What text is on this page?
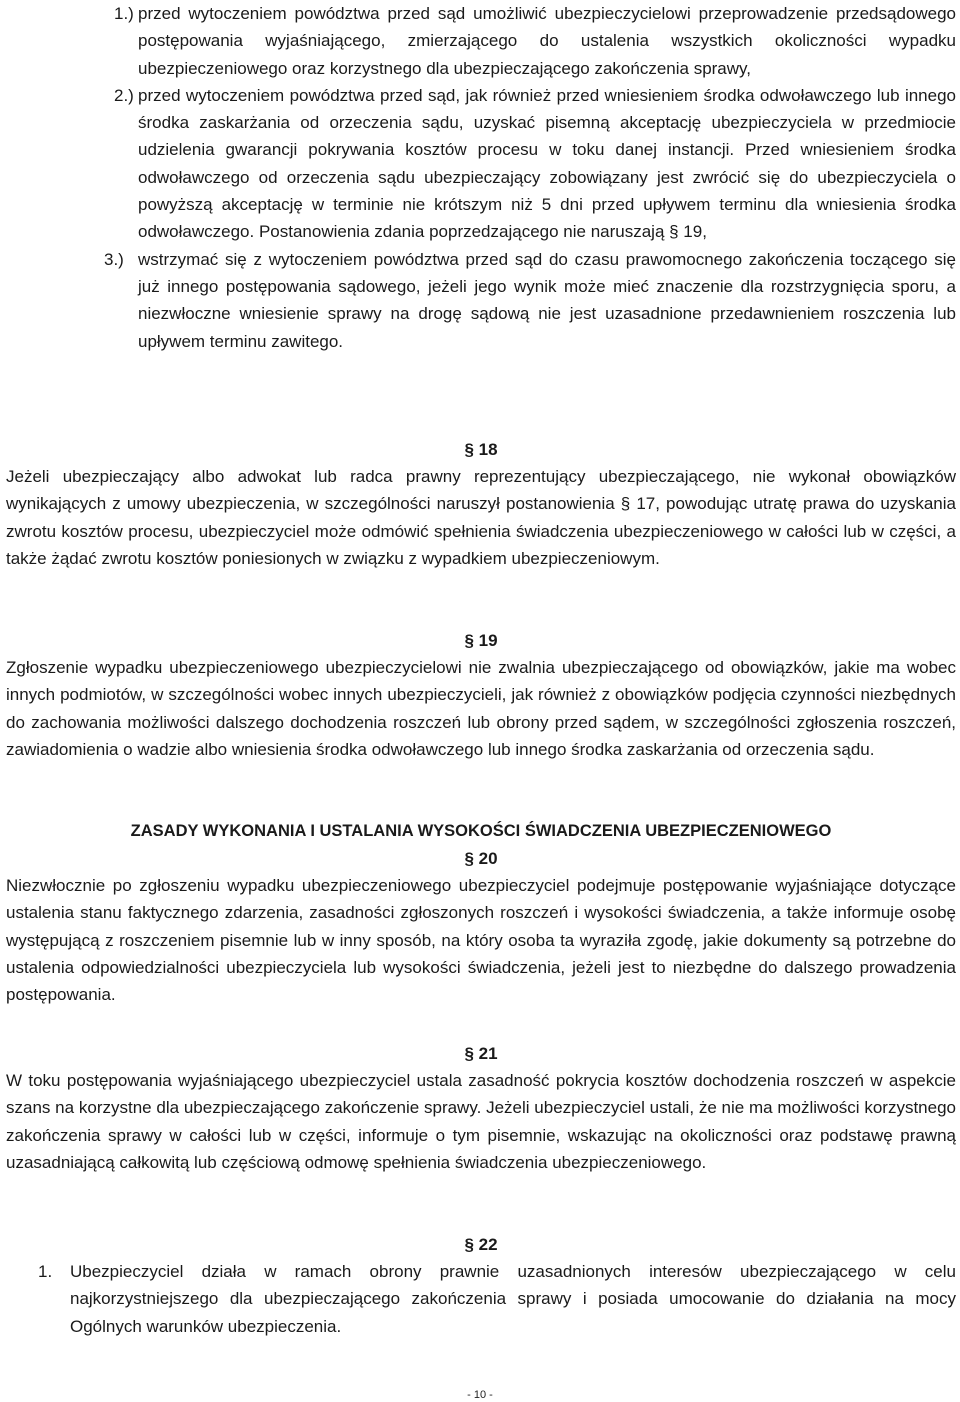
1.) przed wytoczeniem powództwa przed sąd umożliwić ubezpieczycielowi przeprowadzenie przedsądowego postępowania wyjaśniającego, zmierzającego do ustalenia wszystkich okoliczności wypadku ubezpieczeniowego oraz korzystnego dla ubezpieczającego zakończenia sprawy,
2.) przed wytoczeniem powództwa przed sąd, jak również przed wniesieniem środka odwoławczego lub innego środka zaskarżania od orzeczenia sądu, uzyskać pisemną akceptację ubezpieczyciela w przedmiocie udzielenia gwarancji pokrywania kosztów procesu w toku danej instancji. Przed wniesieniem środka odwoławczego od orzeczenia sądu ubezpieczający zobowiązany jest zwrócić się do ubezpieczyciela o powyższą akceptację w terminie nie krótszym niż 5 dni przed upływem terminu dla wniesienia środka odwoławczego. Postanowienia zdania poprzedzającego nie naruszają § 19,
3.) wstrzymać się z wytoczeniem powództwa przed sąd do czasu prawomocnego zakończenia toczącego się już innego postępowania sądowego, jeżeli jego wynik może mieć znaczenie dla rozstrzygnięcia sporu, a niezwłoczne wniesienie sprawy na drogę sądową nie jest uzasadnione przedawnieniem roszczenia lub upływem terminu zawitego.
§ 18
Jeżeli ubezpieczający albo adwokat lub radca prawny reprezentujący ubezpieczającego, nie wykonał obowiązków wynikających z umowy ubezpieczenia, w szczególności naruszył postanowienia § 17, powodując utratę prawa do uzyskania zwrotu kosztów procesu, ubezpieczyciel może odmówić spełnienia świadczenia ubezpieczeniowego w całości lub w części, a także żądać zwrotu kosztów poniesionych w związku z wypadkiem ubezpieczeniowym.
§ 19
Zgłoszenie wypadku ubezpieczeniowego ubezpieczycielowi nie zwalnia ubezpieczającego od obowiązków, jakie ma wobec innych podmiotów, w szczególności wobec innych ubezpieczycieli, jak również z obowiązków podjęcia czynności niezbędnych do zachowania możliwości dalszego dochodzenia roszczeń lub obrony przed sądem, w szczególności zgłoszenia roszczeń, zawiadomienia o wadzie albo wniesienia środka odwoławczego lub innego środka zaskarżania od orzeczenia sądu.
ZASADY WYKONANIA I USTALANIA WYSOKOŚCI ŚWIADCZENIA UBEZPIECZENIOWEGO
§ 20
Niezwłocznie po zgłoszeniu wypadku ubezpieczeniowego ubezpieczyciel podejmuje postępowanie wyjaśniające dotyczące ustalenia stanu faktycznego zdarzenia, zasadności zgłoszonych roszczeń i wysokości świadczenia, a także informuje osobę występującą z roszczeniem pisemnie lub w inny sposób, na który osoba ta wyraziła zgodę, jakie dokumenty są potrzebne do ustalenia odpowiedzialności ubezpieczyciela lub wysokości świadczenia, jeżeli jest to niezbędne do dalszego prowadzenia postępowania.
§ 21
W toku postępowania wyjaśniającego ubezpieczyciel ustala zasadność pokrycia kosztów dochodzenia roszczeń w aspekcie szans na korzystne dla ubezpieczającego zakończenie sprawy. Jeżeli ubezpieczyciel ustali, że nie ma możliwości korzystnego zakończenia sprawy w całości lub w części, informuje o tym pisemnie, wskazując na okoliczności oraz podstawę prawną uzasadniającą całkowitą lub częściową odmowę spełnienia świadczenia ubezpieczeniowego.
§ 22
1. Ubezpieczyciel działa w ramach obrony prawnie uzasadnionych interesów ubezpieczającego w celu najkorzystniejszego dla ubezpieczającego zakończenia sprawy i posiada umocowanie do działania na mocy Ogólnych warunków ubezpieczenia.
- 10 -
